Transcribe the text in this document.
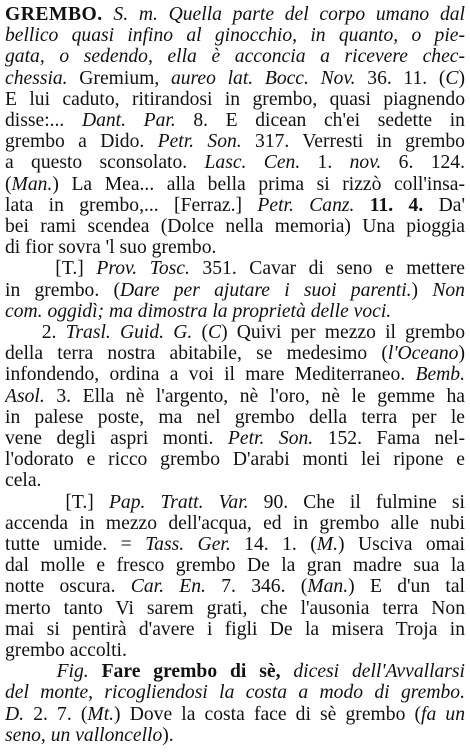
GREMBO. S. m. Quella parte del corpo umano dal
bellico quasi infino al ginocchio, in quanto, o pie-
gata, o sedendo, ella è acconcia a ricevere chec-
chessia. Gremium, aureo lat. Bocc. Nov. 36. 11. (C)
E lui caduto, ritirandosi in grembo, quasi piagnendo
disse:... Dant. Par. 8. E dicean ch'ei sedette in
grembo a Dido. Petr. Son. 317. Verresti in grembo
a questo sconsolato. Lasc. Cen. 1. nov. 6. 124.
(Man.) La Mea... alla bella prima si rizzò coll'insa-
lata in grembo,... [Ferraz.] Petr. Canz. 11. 4. Da'
bei rami scendea (Dolce nella memoria) Una pioggia
di fior sovra 'l suo grembo.
[T.] Prov. Tosc. 351. Cavar di seno e mettere
in grembo. (Dare per ajutare i suoi parenti.) Non
com. oggidì; ma dimostra la proprietà delle voci.
2. Trasl. Guid. G. (C) Quivi per mezzo il grembo
della terra nostra abitabile, se medesimo (l'Oceano)
infondendo, ordina a voi il mare Mediterraneo. Bemb.
Asol. 3. Ella nè l'argento, nè l'oro, nè le gemme ha
in palese poste, ma nel grembo della terra per le
vene degli aspri monti. Petr. Son. 152. Fama nel-
l'odorato e ricco grembo D'arabi monti lei ripone e
cela.
[T.] Pap. Tratt. Var. 90. Che il fulmine si
accenda in mezzo dell'acqua, ed in grembo alle nubi
tutte umide. = Tass. Ger. 14. 1. (M.) Usciva omai
dal molle e fresco grembo De la gran madre sua la
notte oscura. Car. En. 7. 346. (Man.) E d'un tal
merto tanto Vi sarem grati, che l'ausonia terra Non
mai si pentirà d'avere i figli De la misera Troja in
grembo accolti.
Fig. Fare grembo di sè, dicesi dell'Avvallarsi
del monte, ricogliendosi la costa a modo di grembo.
D. 2. 7. (Mt.) Dove la costa face di sè grembo (fa un
seno, un valloncello).
